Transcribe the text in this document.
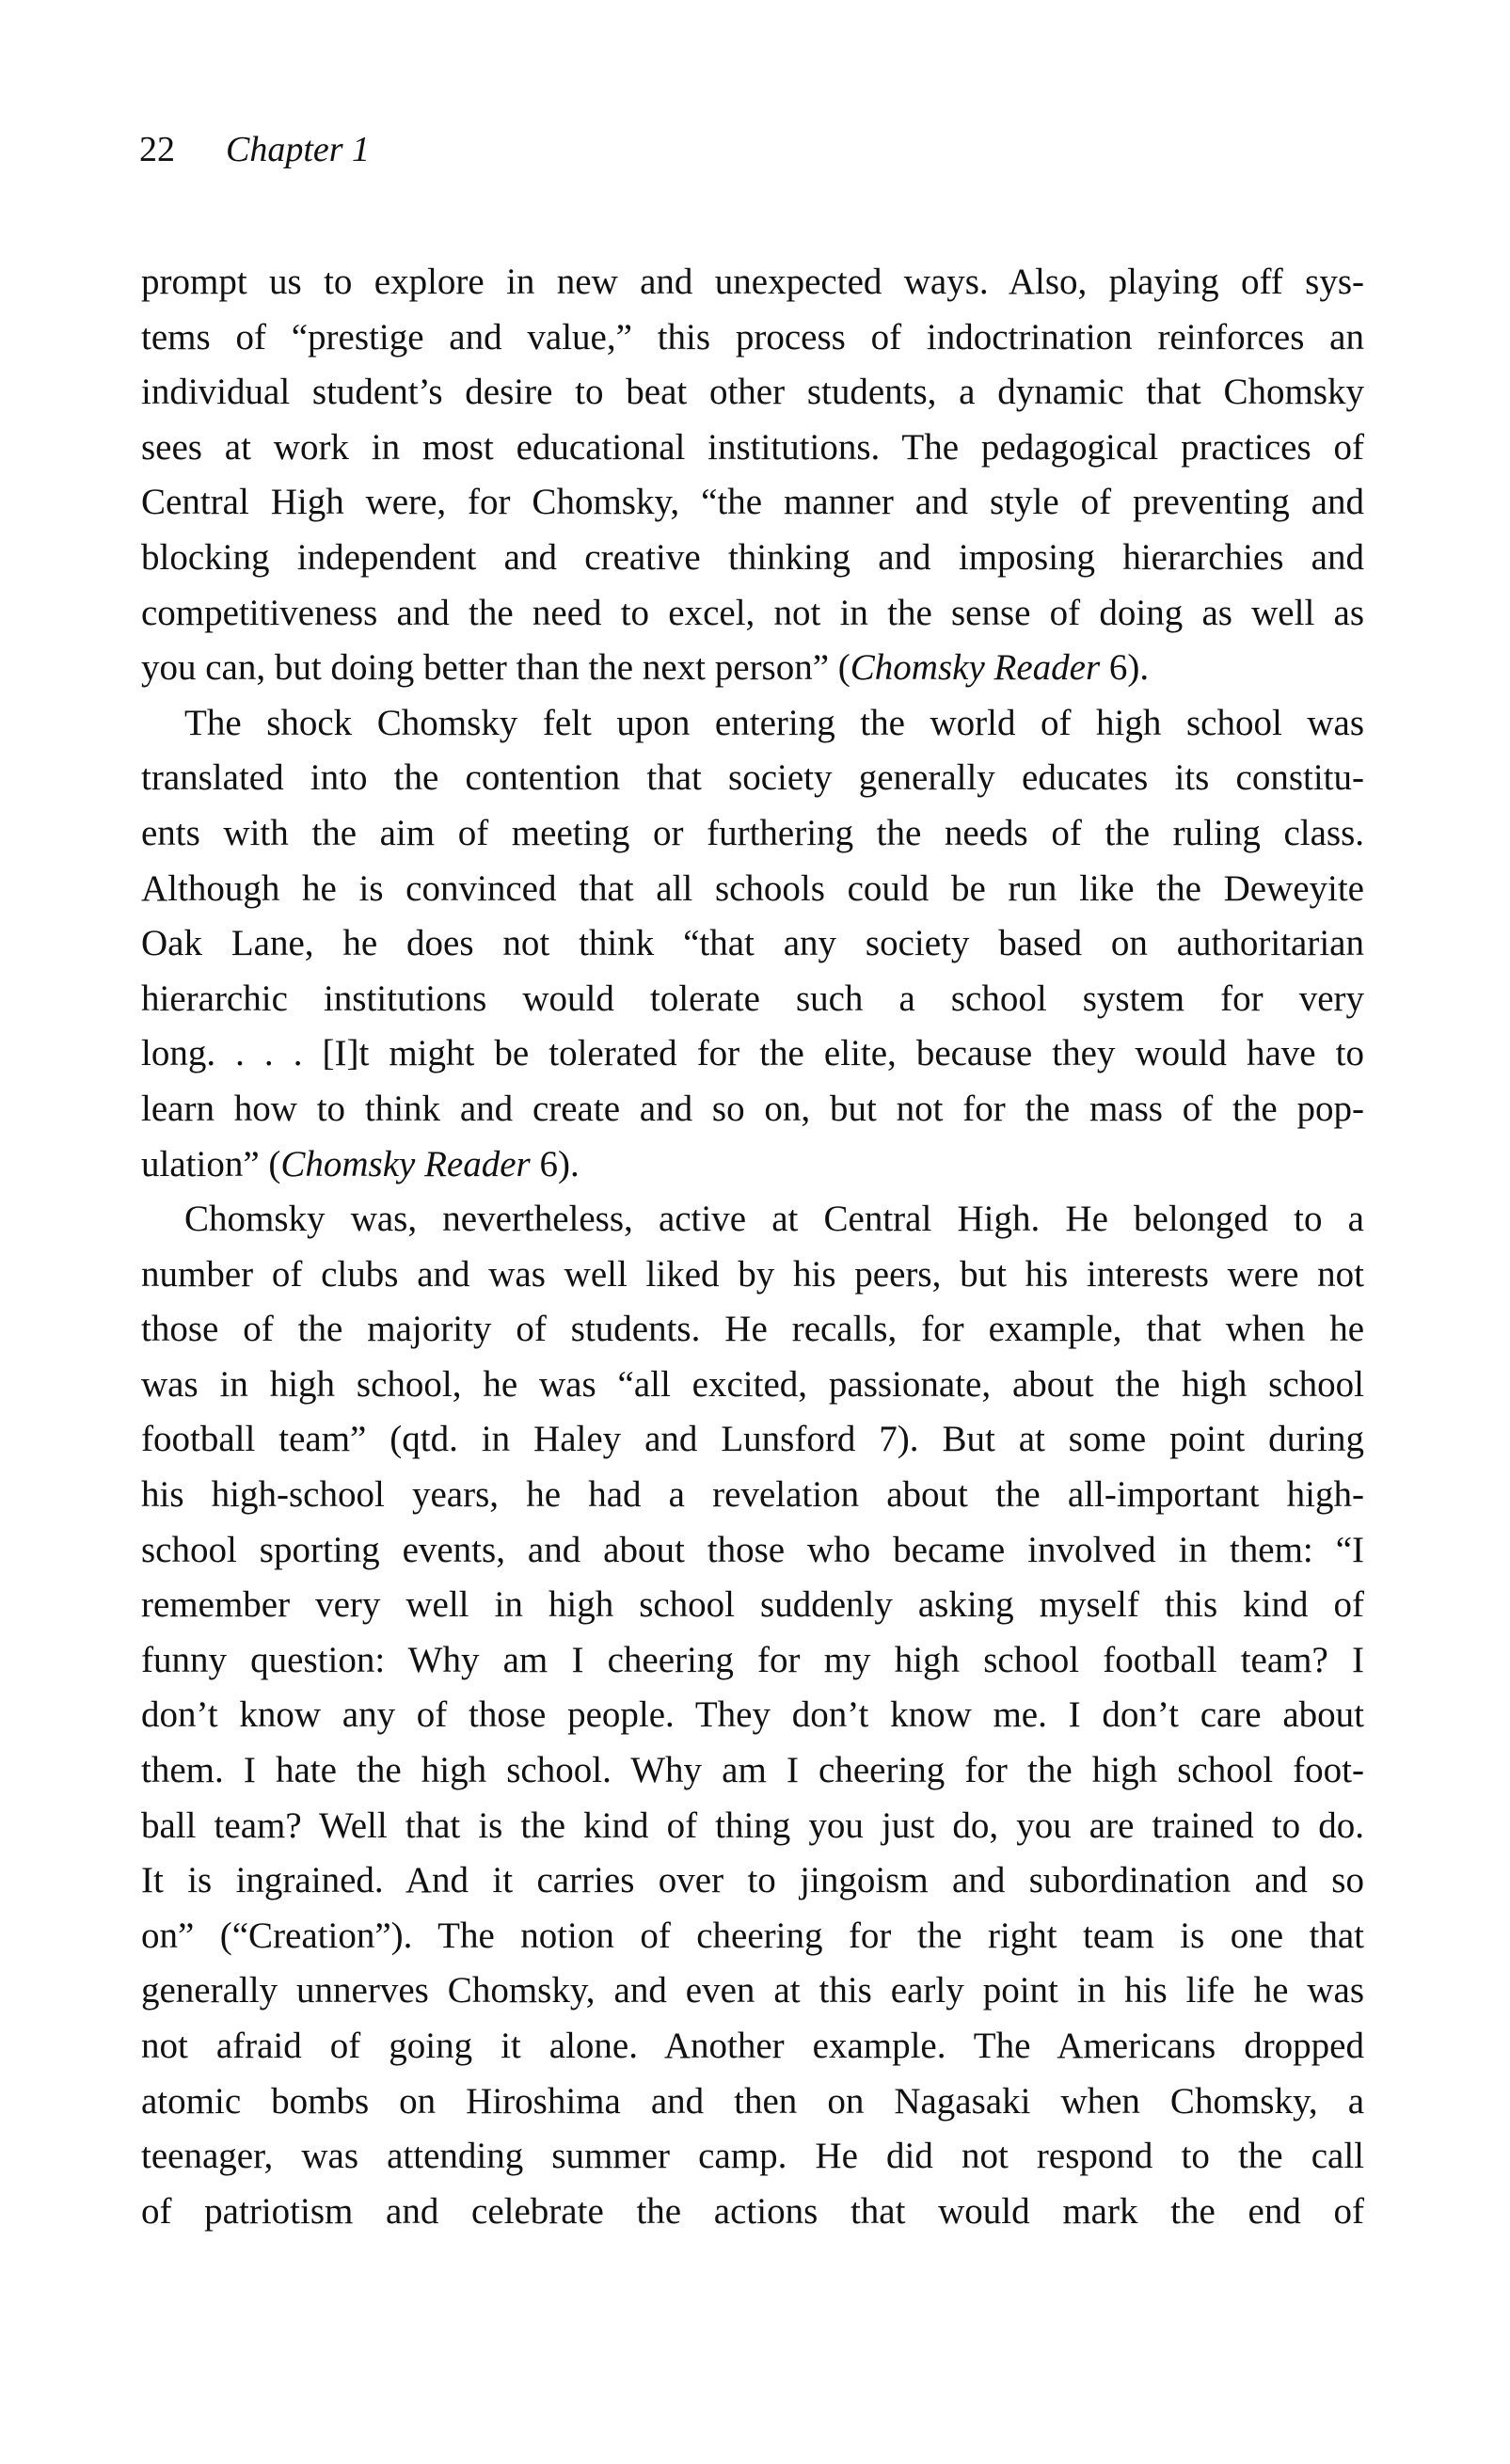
22 Chapter 1
prompt us to explore in new and unexpected ways. Also, playing off sys-
tems of “prestige and value,” this process of indoctrination reinforces an
individual student’s desire to beat other students, a dynamic that Chomsky
sees at work in most educational institutions. The pedagogical practices of
Central High were, for Chomsky, “the manner and style of preventing and
blocking independent and creative thinking and imposing hierarchies and
competitiveness and the need to excel, not in the sense of doing as well as
you can, but doing better than the next person” (Chomsky Reader 6).
The shock Chomsky felt upon entering the world of high school was
translated into the contention that society generally educates its constitu-
ents with the aim of meeting or furthering the needs of the ruling class.
Although he is convinced that all schools could be run like the Deweyite
Oak Lane, he does not think “that any society based on authoritarian
hierarchic institutions would tolerate such a school system for very
long. . . . [I]t might be tolerated for the elite, because they would have to
learn how to think and create and so on, but not for the mass of the pop-
ulation” (Chomsky Reader 6).
Chomsky was, nevertheless, active at Central High. He belonged to a
number of clubs and was well liked by his peers, but his interests were not
those of the majority of students. He recalls, for example, that when he
was in high school, he was “all excited, passionate, about the high school
football team” (qtd. in Haley and Lunsford 7). But at some point during
his high-school years, he had a revelation about the all-important high-
school sporting events, and about those who became involved in them: “I
remember very well in high school suddenly asking myself this kind of
funny question: Why am I cheering for my high school football team? I
don’t know any of those people. They don’t know me. I don’t care about
them. I hate the high school. Why am I cheering for the high school foot-
ball team? Well that is the kind of thing you just do, you are trained to do.
It is ingrained. And it carries over to jingoism and subordination and so
on” (“Creation”). The notion of cheering for the right team is one that
generally unnerves Chomsky, and even at this early point in his life he was
not afraid of going it alone. Another example. The Americans dropped
atomic bombs on Hiroshima and then on Nagasaki when Chomsky, a
teenager, was attending summer camp. He did not respond to the call
of patriotism and celebrate the actions that would mark the end of
